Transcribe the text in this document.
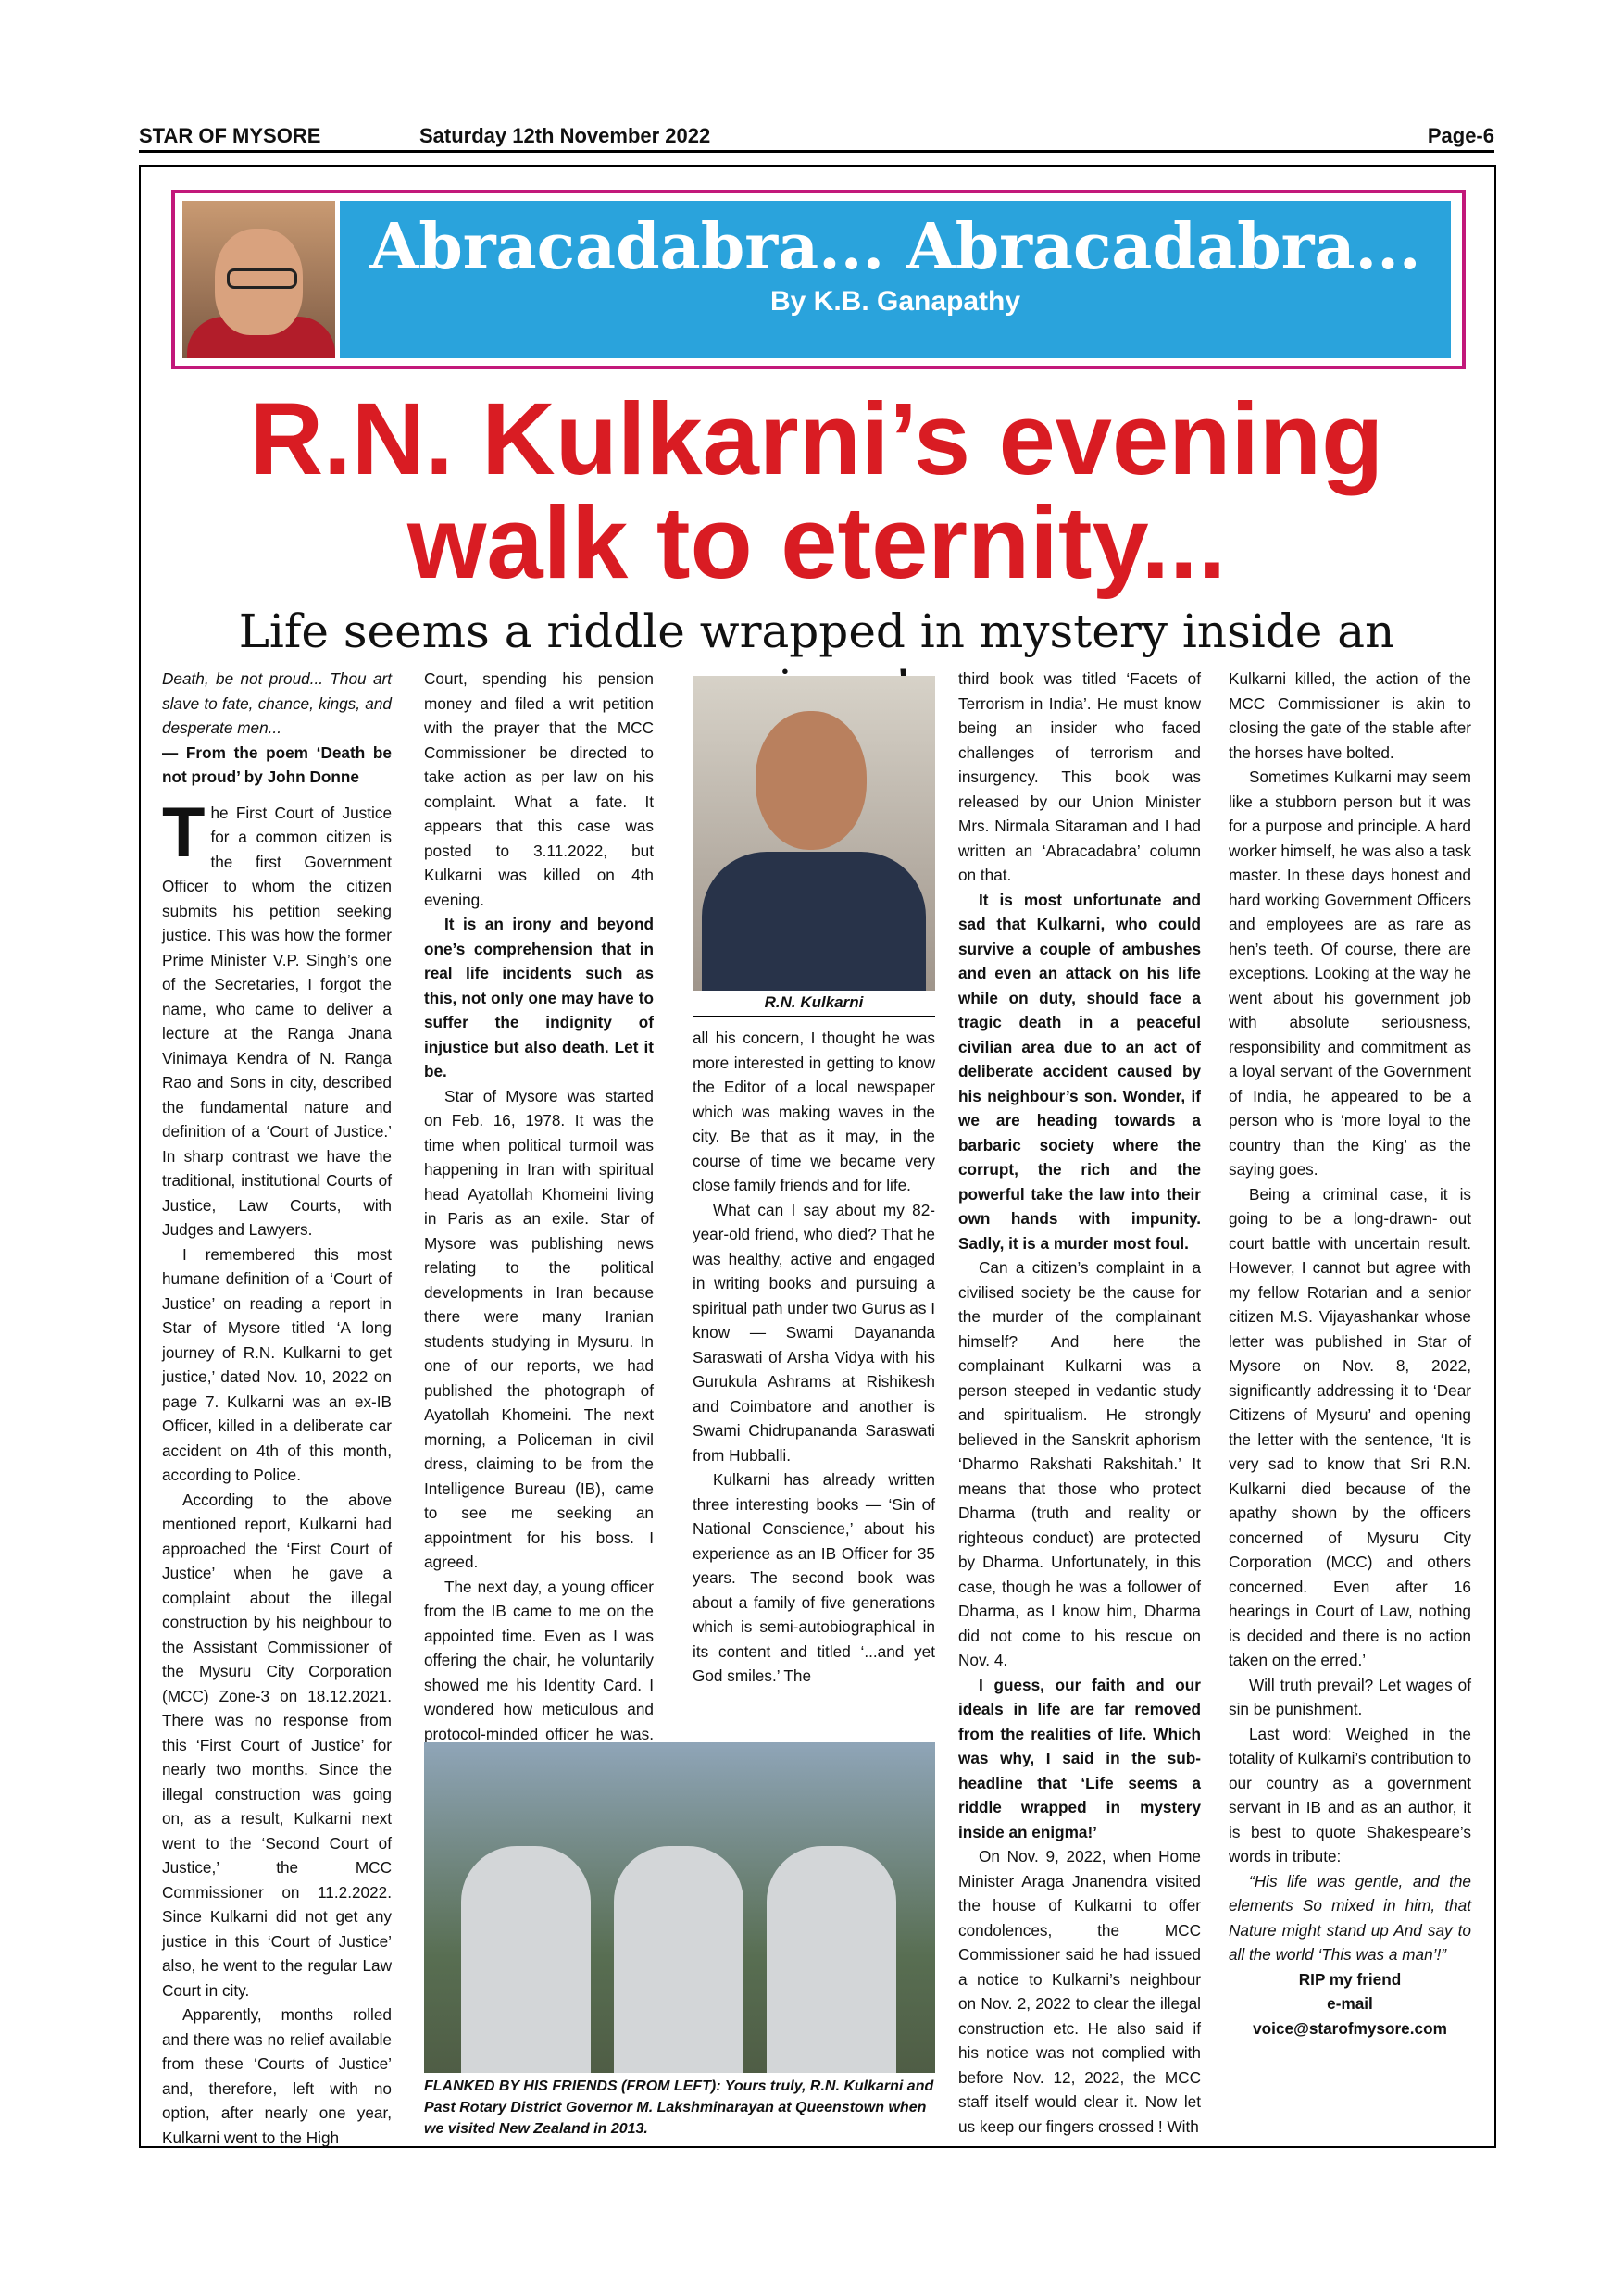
STAR OF MYSORE	Saturday 12th November 2022	Page-6
Abracadabra... Abracadabra...
By K.B. Ganapathy
R.N. Kulkarni’s evening
walk to eternity...
Life seems a riddle wrapped in mystery inside an

Death, be not proud... Thou art slave to fate, chance, kings, and desperate men...

— From the poem ‘Death be not proud’ by John Donne

The First Court of Justice for a common citizen is the first Government Officer to whom the citizen submits his petition seeking justice. This was how the former Prime Minister V.P. Singh’s one of the Secretaries, I forgot the name, who came to deliver a lecture at the Ranga Jnana Vinimaya Kendra of N. Ranga Rao and Sons in city, described the fundamental nature and definition of a ‘Court of Justice.’ In sharp contrast we have the traditional, institutional Courts of Justice, Law Courts, with Judges and Lawyers.

I remembered this most humane definition of a ‘Court of Justice’ on reading a report in Star of Mysore titled ‘A long journey of R.N. Kulkarni to get justice,’ dated Nov. 10, 2022 on page 7. Kulkarni was an ex-IB Officer, killed in a deliberate car accident on 4th of this month, according to Police.

According to the above mentioned report, Kulkarni had approached the ‘First Court of Justice’ when he gave a complaint about the illegal construction by his neighbour to the Assistant Commissioner of the Mysuru City Corporation (MCC) Zone-3 on 18.12.2021. There was no response from this ‘First Court of Justice’ for nearly two months. Since the illegal construction was going on, as a result, Kulkarni next went to the ‘Second Court of Justice,’ the MCC Commissioner on 11.2.2022. Since Kulkarni did not get any justice in this ‘Court of Justice’ also, he went to the regular Law Court in city.

Apparently, months rolled and there was no relief available from these ‘Courts of Justice’ and, therefore, left with no option, after nearly one year, Kulkarni went to the High

Court, spending his pension money and filed a writ petition with the prayer that the MCC Commissioner be directed to take action as per law on his complaint. What a fate. It appears that this case was posted to 3.11.2022, but Kulkarni was killed on 4th evening.

It is an irony and beyond one’s comprehension that in real life incidents such as this, not only one may have to suffer the indignity of injustice but also death. Let it be.

Star of Mysore was started on Feb. 16, 1978. It was the time when political turmoil was happening in Iran with spiritual head Ayatollah Khomeini living in Paris as an exile. Star of Mysore was publishing news relating to the political developments in Iran because there were many Iranian students studying in Mysuru. In one of our reports, we had published the photograph of Ayatollah Khomeini. The next morning, a Policeman in civil dress, claiming to be from the Intelligence Bureau (IB), came to see me seeking an appointment for his boss. I agreed.

The next day, a young officer from the IB came to me on the appointed time. Even as I was offering the chair, he voluntarily showed me his Identity Card. I wondered how meticulous and protocol-minded officer he was.

R.N. Kulkarni

all his concern, I thought he was more interested in getting to know the Editor of a local newspaper which was making waves in the city. Be that as it may, in the course of time we became very close family friends and for life.

What can I say about my 82-year-old friend, who died? That he was healthy, active and engaged in writing books and pursuing a spiritual path under two Gurus as I know — Swami Dayananda Saraswati of Arsha Vidya with his Gurukula Ashrams at Rishikesh and Coimbatore and another is Swami Chidrupananda Saraswati from Hubballi.

Kulkarni has already written three interesting books — ‘Sin of National Conscience,’ about his experience as an IB Officer for 35 years. The second book was about a family of five generations which is semi-autobiographical in its content and titled ‘...and yet God smiles.’ The

FLANKED BY HIS FRIENDS (FROM LEFT): Yours truly, R.N. Kulkarni and Past Rotary District Governor M. Lakshminarayan at Queenstown when we visited New Zealand in 2013.

third book was titled ‘Facets of Terrorism in India’. He must know being an insider who faced challenges of terrorism and insurgency. This book was released by our Union Minister Mrs. Nirmala Sitaraman and I had written an ‘Abracadabra’ column on that.

It is most unfortunate and sad that Kulkarni, who could survive a couple of ambushes and even an attack on his life while on duty, should face a tragic death in a peaceful civilian area due to an act of deliberate accident caused by his neighbour’s son. Wonder, if we are heading towards a barbaric society where the corrupt, the rich and the powerful take the law into their own hands with impunity. Sadly, it is a murder most foul.

Can a citizen’s complaint in a civilised society be the cause for the murder of the complainant himself? And here the complainant Kulkarni was a person steeped in vedantic study and spiritualism. He strongly believed in the Sanskrit aphorism ‘Dharmo Rakshati Rakshitah.’ It means that those who protect Dharma (truth and reality or righteous conduct) are protected by Dharma. Unfortunately, in this case, though he was a follower of Dharma, as I know him, Dharma did not come to his rescue on Nov. 4.

I guess, our faith and our ideals in life are far removed from the realities of life. Which was why, I said in the sub-headline that ‘Life seems a riddle wrapped in mystery inside an enigma!’

On Nov. 9, 2022, when Home Minister Araga Jnanendra visited the house of Kulkarni to offer condolences, the MCC Commissioner said he had issued a notice to Kulkarni’s neighbour on Nov. 2, 2022 to clear the illegal construction etc. He also said if his notice was not complied with before Nov. 12, 2022, the MCC staff itself would clear it. Now let us keep our fingers crossed ! With

Kulkarni killed, the action of the MCC Commissioner is akin to closing the gate of the stable after the horses have bolted.

Sometimes Kulkarni may seem like a stubborn person but it was for a purpose and principle. A hard worker himself, he was also a task master. In these days honest and hard working Government Officers and employees are as rare as hen’s teeth. Of course, there are exceptions. Looking at the way he went about his government job with absolute seriousness, responsibility and commitment as a loyal servant of the Government of India, he appeared to be a person who is ‘more loyal to the country than the King’ as the saying goes.

Being a criminal case, it is going to be a long-drawn- out court battle with uncertain result. However, I cannot but agree with my fellow Rotarian and a senior citizen M.S. Vijayashankar whose letter was published in Star of Mysore on Nov. 8, 2022, significantly addressing it to ‘Dear Citizens of Mysuru’ and opening the letter with the sentence, ‘It is very sad to know that Sri R.N. Kulkarni died because of the apathy shown by the officers concerned of Mysuru City Corporation (MCC) and others concerned. Even after 16 hearings in Court of Law, nothing is decided and there is no action taken on the erred.’

Will truth prevail? Let wages of sin be punishment.

Last word: Weighed in the totality of Kulkarni’s contribution to our country as a government servant in IB and as an author, it is best to quote Shakespeare’s words in tribute:

“His life was gentle, and the elements So mixed in him, that Nature might stand up And say to all the world ‘This was a man’!”

RIP my friend

e-mail

voice@starofmysore.com
